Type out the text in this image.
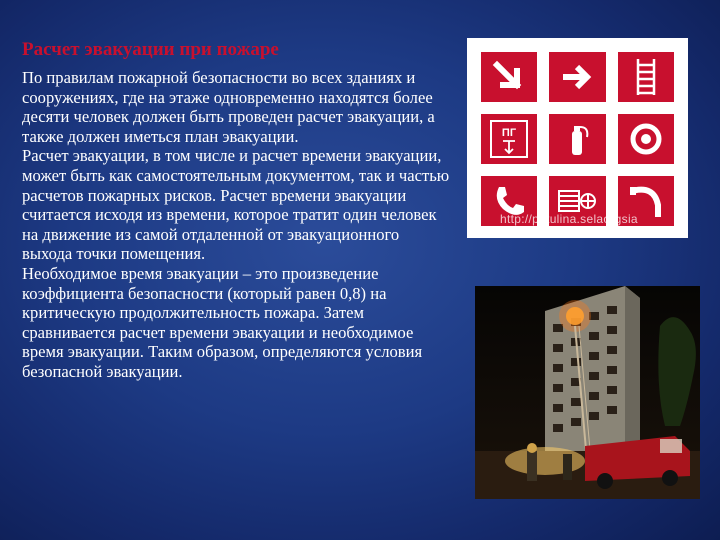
Расчет эвакуации при пожаре

По правилам пожарной безопасности во всех зданиях и сооружениях, где на этаже одновременно находятся более десяти человек должен быть проведен расчет эвакуации, а также должен иметься план эвакуации.

Расчет эвакуации, в том числе и расчет времени эвакуации, может быть как самостоятельным документом, так и частью расчетов пожарных рисков. Расчет времени эвакуации считается исходя из времени, которое тратит один человек на движение из самой отдаленной от эвакуационного выхода точки помещения.

Необходимое время эвакуации – это произведение коэффициента безопасности (который равен 0,8) на критическую продолжительность пожара. Затем сравнивается расчет времени эвакуации и необходимое время эвакуации. Таким образом, определяются условия безопасной эвакуации.

ПГ
http://patulina.selaorgsia
